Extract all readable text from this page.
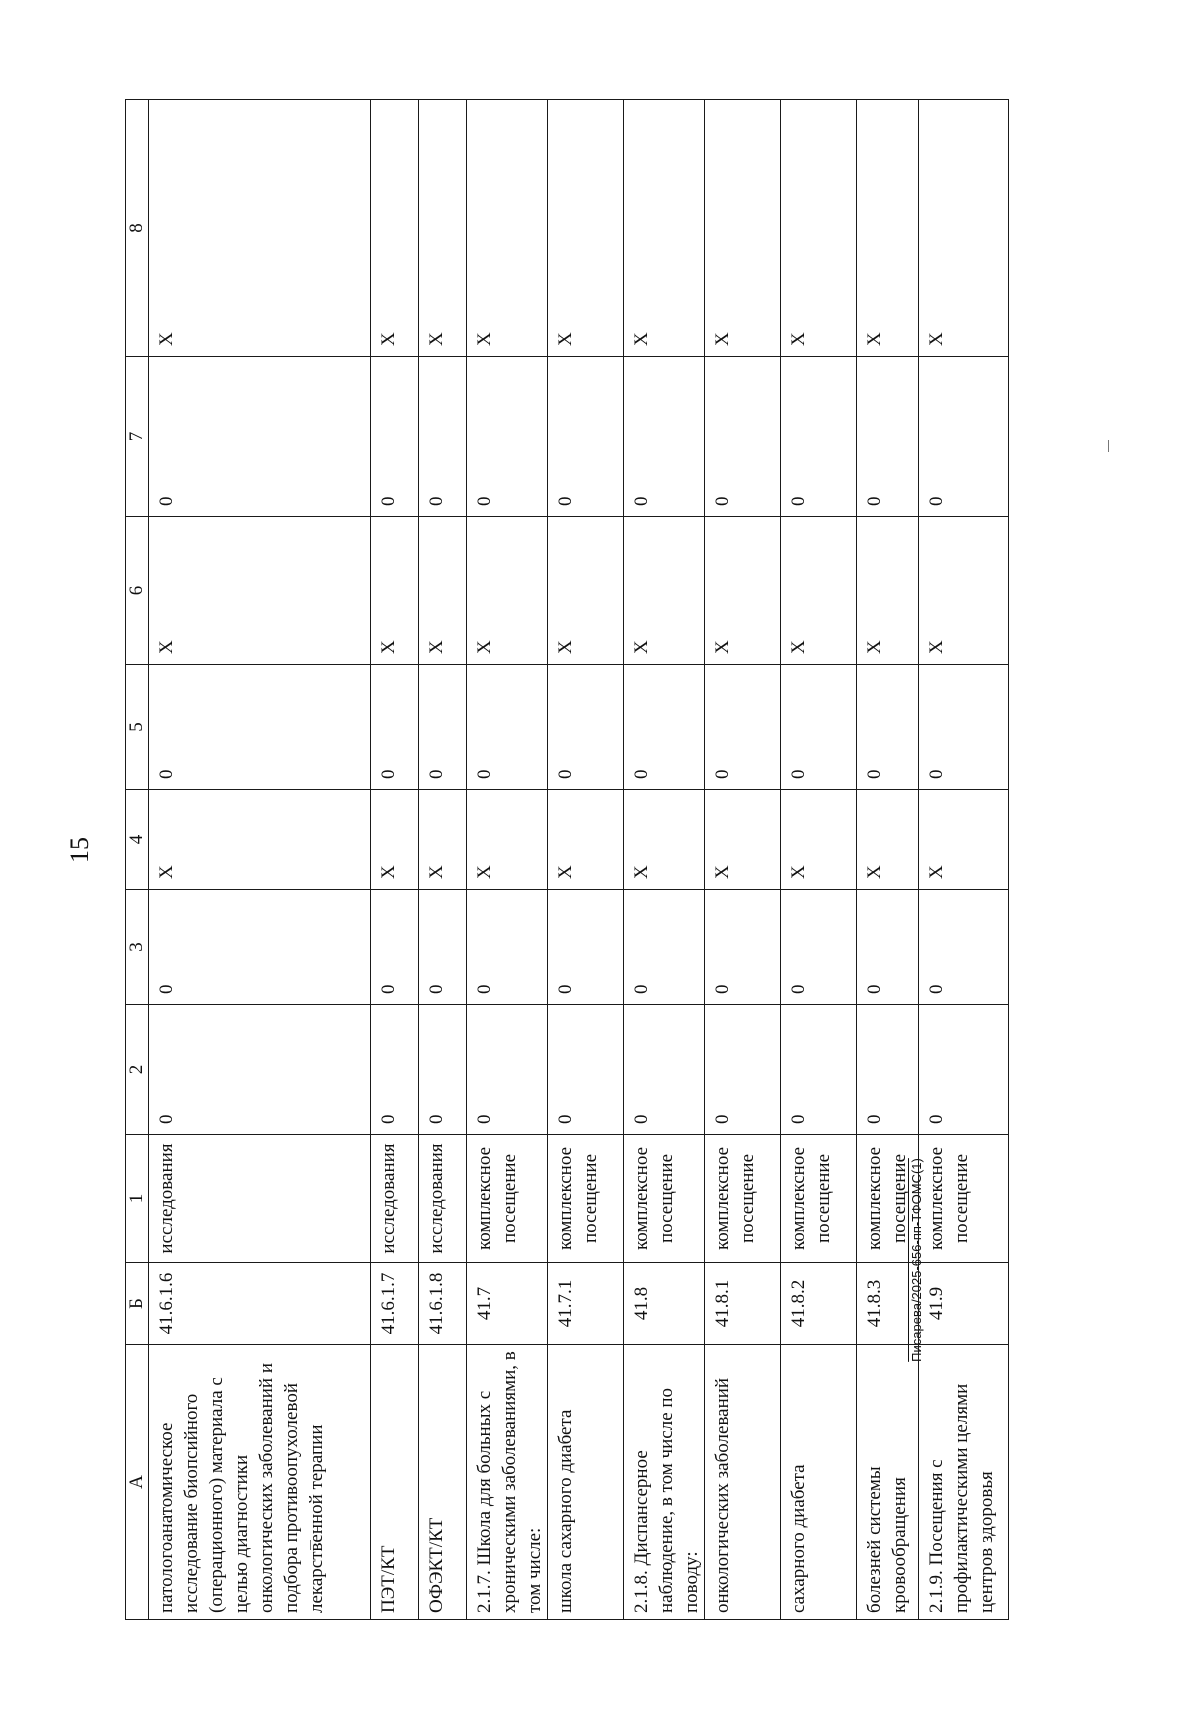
15
Писарева/2025-656-пп-ТФОМС(1)
А	Б	1	2	3	4	5	6	7	8
патологоанатомическое исследование биопсийного (операционного) материала с целью диагностики онкологических заболеваний и подбора противоопухолевой лекарственной терапии	41.6.1.6	исследования	0	0	Х	0	Х	0	Х
ПЭТ/КТ	41.6.1.7	исследования	0	0	Х	0	Х	0	Х
ОФЭКТ/КТ	41.6.1.8	исследования	0	0	Х	0	Х	0	Х
2.1.7. Школа для больных с хроническими заболеваниями, в том числе:	41.7	комплексное посещение	0	0	Х	0	Х	0	Х
школа сахарного диабета	41.7.1	комплексное посещение	0	0	Х	0	Х	0	Х
2.1.8. Диспансерное наблюдение, в том числе по поводу:	41.8	комплексное посещение	0	0	Х	0	Х	0	Х
онкологических заболеваний	41.8.1	комплексное посещение	0	0	Х	0	Х	0	Х
сахарного диабета	41.8.2	комплексное посещение	0	0	Х	0	Х	0	Х
болезней системы кровообращения	41.8.3	комплексное посещение	0	0	Х	0	Х	0	Х
2.1.9. Посещения с профилактическими целями центров здоровья	41.9	комплексное посещение	0	0	Х	0	Х	0	Х
